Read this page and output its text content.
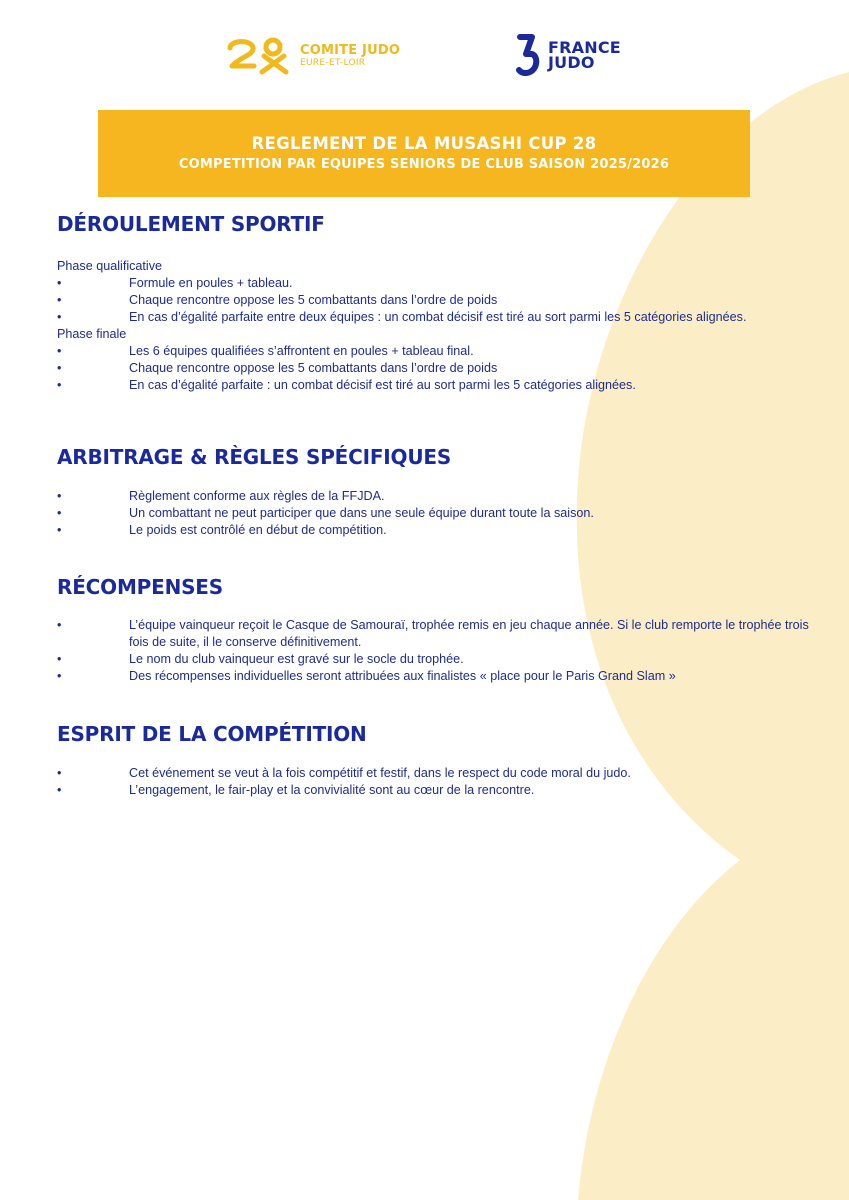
COMITE JUDO
EURE-ET-LOIR
FRANCE
JUDO
REGLEMENT DE LA MUSASHI CUP 28
COMPETITION PAR EQUIPES SENIORS DE CLUB SAISON 2025/2026
DÉROULEMENT SPORTIF
Phase qualificative
•	Formule en poules + tableau.
•	Chaque rencontre oppose les 5 combattants dans l’ordre de poids
•	En cas d’égalité parfaite entre deux équipes : un combat décisif est tiré au sort parmi les 5 catégories alignées.
Phase finale
•	Les 6 équipes qualifiées s’affrontent en poules + tableau final.
•	Chaque rencontre oppose les 5 combattants dans l’ordre de poids
•	En cas d’égalité parfaite : un combat décisif est tiré au sort parmi les 5 catégories alignées.
ARBITRAGE & RÈGLES SPÉCIFIQUES
•	Règlement conforme aux règles de la FFJDA.
•	Un combattant ne peut participer que dans une seule équipe durant toute la saison.
•	Le poids est contrôlé en début de compétition.
RÉCOMPENSES
•	L’équipe vainqueur reçoit le Casque de Samouraï, trophée remis en jeu chaque année. Si le club remporte le trophée trois fois de suite, il le conserve définitivement.
•	Le nom du club vainqueur est gravé sur le socle du trophée.
•	Des récompenses individuelles seront attribuées aux finalistes « place pour le Paris Grand Slam »
ESPRIT DE LA COMPÉTITION
•	Cet événement se veut à la fois compétitif et festif, dans le respect du code moral du judo.
•	L’engagement, le fair-play et la convivialité sont au cœur de la rencontre.
